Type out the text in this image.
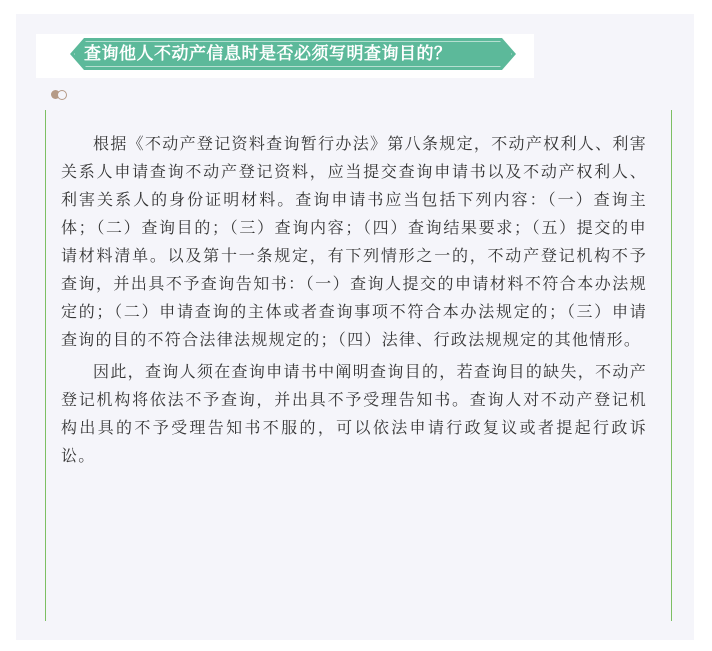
查询他人不动产信息时是否必须写明查询目的？

根据《不动产登记资料查询暂行办法》第八条规定，不动产权利人、利害关系人申请查询不动产登记资料，应当提交查询申请书以及不动产权利人、利害关系人的身份证明材料。查询申请书应当包括下列内容：（一）查询主体；（二）查询目的；（三）查询内容；（四）查询结果要求；（五）提交的申请材料清单。以及第十一条规定，有下列情形之一的，不动产登记机构不予查询，并出具不予查询告知书：（一）查询人提交的申请材料不符合本办法规定的；（二）申请查询的主体或者查询事项不符合本办法规定的；（三）申请查询的目的不符合法律法规规定的；（四）法律、行政法规规定的其他情形。

因此，查询人须在查询申请书中阐明查询目的，若查询目的缺失，不动产登记机构将依法不予查询，并出具不予受理告知书。查询人对不动产登记机构出具的不予受理告知书不服的，可以依法申请行政复议或者提起行政诉讼。
